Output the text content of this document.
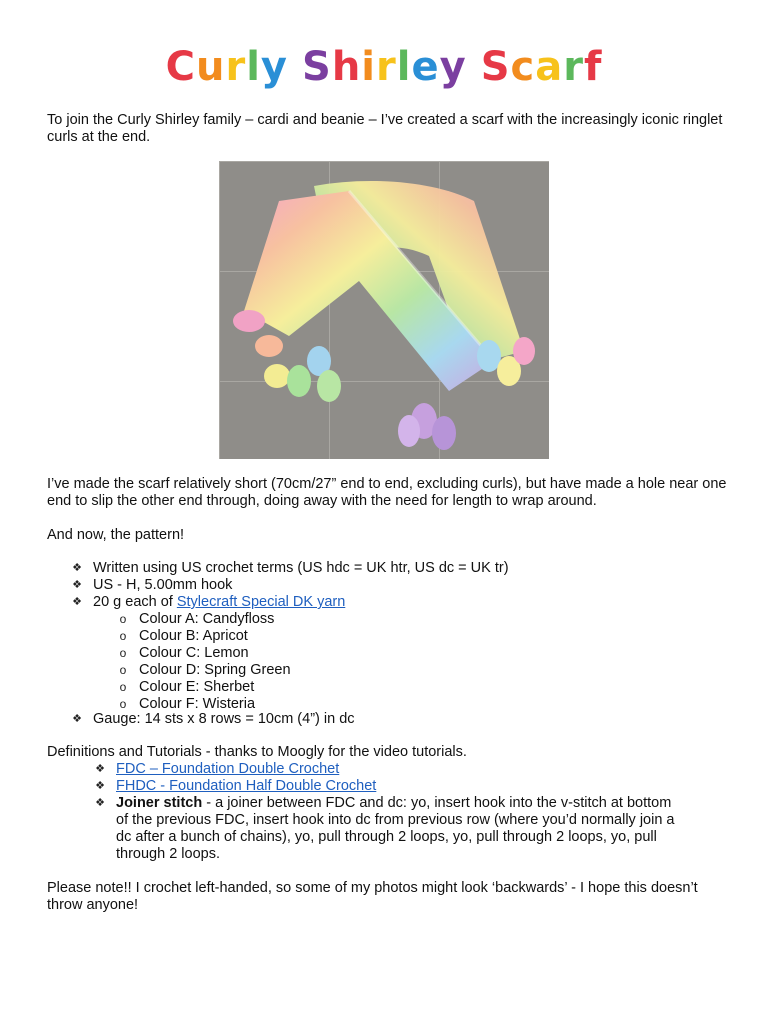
Curly Shirley Scarf

To join the Curly Shirley family – cardi and beanie – I’ve created a scarf with the increasingly iconic ringlet curls at the end.

I’ve made the scarf relatively short (70cm/27” end to end, excluding curls), but have made a hole near one end to slip the other end through, doing away with the need for length to wrap around.

And now, the pattern!

❖ Written using US crochet terms (US hdc = UK htr, US dc = UK tr)
❖ US - H, 5.00mm hook
❖ 20 g each of Stylecraft Special DK yarn
o Colour A: Candyfloss
o Colour B: Apricot
o Colour C: Lemon
o Colour D: Spring Green
o Colour E: Sherbet
o Colour F: Wisteria
❖ Gauge: 14 sts x 8 rows = 10cm (4”) in dc

Definitions and Tutorials - thanks to Moogly for the video tutorials.

❖ FDC – Foundation Double Crochet
❖ FHDC - Foundation Half Double Crochet
❖ Joiner stitch - a joiner between FDC and dc: yo, insert hook into the v-stitch at bottom
of the previous FDC, insert hook into dc from previous row (where you’d normally join a
dc after a bunch of chains), yo, pull through 2 loops, yo, pull through 2 loops, yo, pull
through 2 loops.

Please note!! I crochet left-handed, so some of my photos might look ‘backwards’ - I hope this doesn’t throw anyone!
